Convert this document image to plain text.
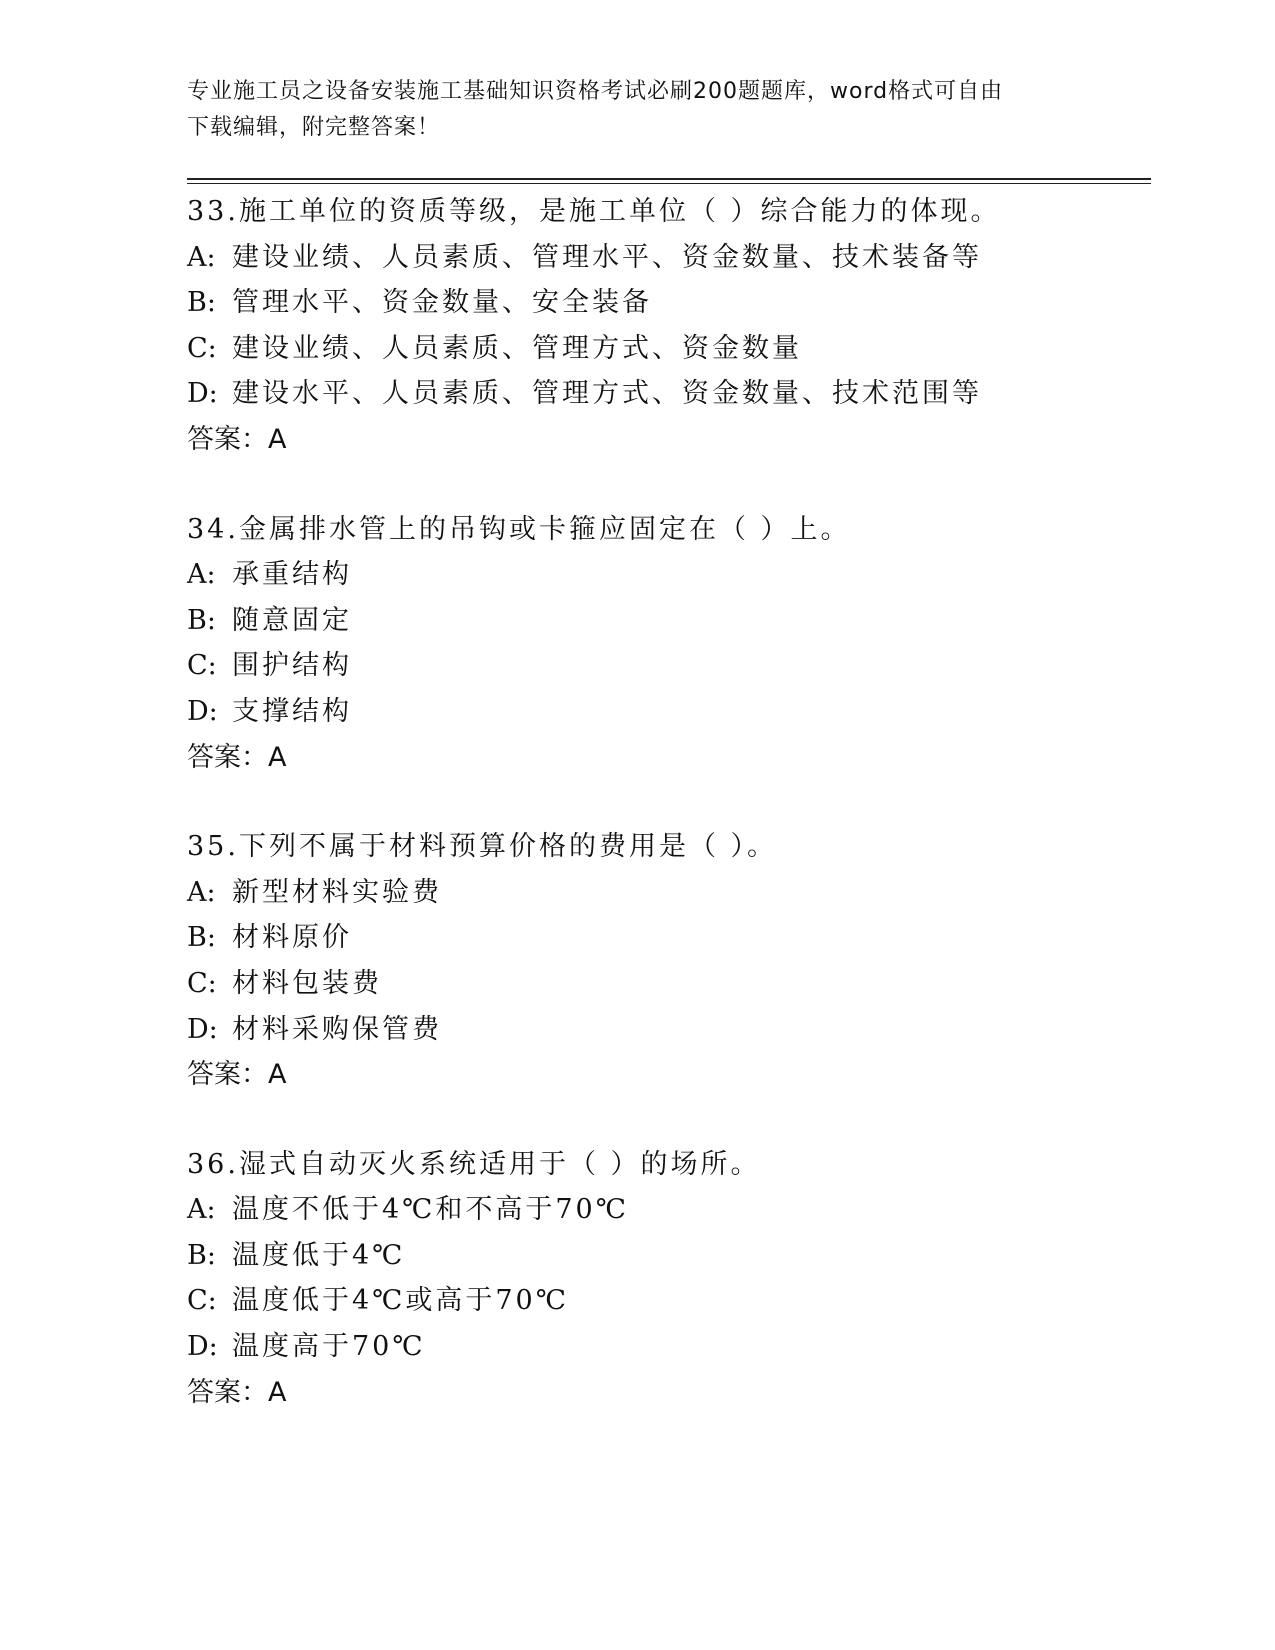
专业施工员之设备安装施工基础知识资格考试必刷200题题库，word格式可自由
下载编辑，附完整答案！
33.施工单位的资质等级，是施工单位（ ）综合能力的体现。
A: 建设业绩、人员素质、管理水平、资金数量、技术装备等
B: 管理水平、资金数量、安全装备
C: 建设业绩、人员素质、管理方式、资金数量
D: 建设水平、人员素质、管理方式、资金数量、技术范围等
答案：A
34.金属排水管上的吊钩或卡箍应固定在（ ）上。
A: 承重结构
B: 随意固定
C: 围护结构
D: 支撑结构
答案：A
35.下列不属于材料预算价格的费用是（ ）。
A: 新型材料实验费
B: 材料原价
C: 材料包装费
D: 材料采购保管费
答案：A
36.湿式自动灭火系统适用于（ ）的场所。
A: 温度不低于4℃和不高于70℃
B: 温度低于4℃
C: 温度低于4℃或高于70℃
D: 温度高于70℃
答案：A
